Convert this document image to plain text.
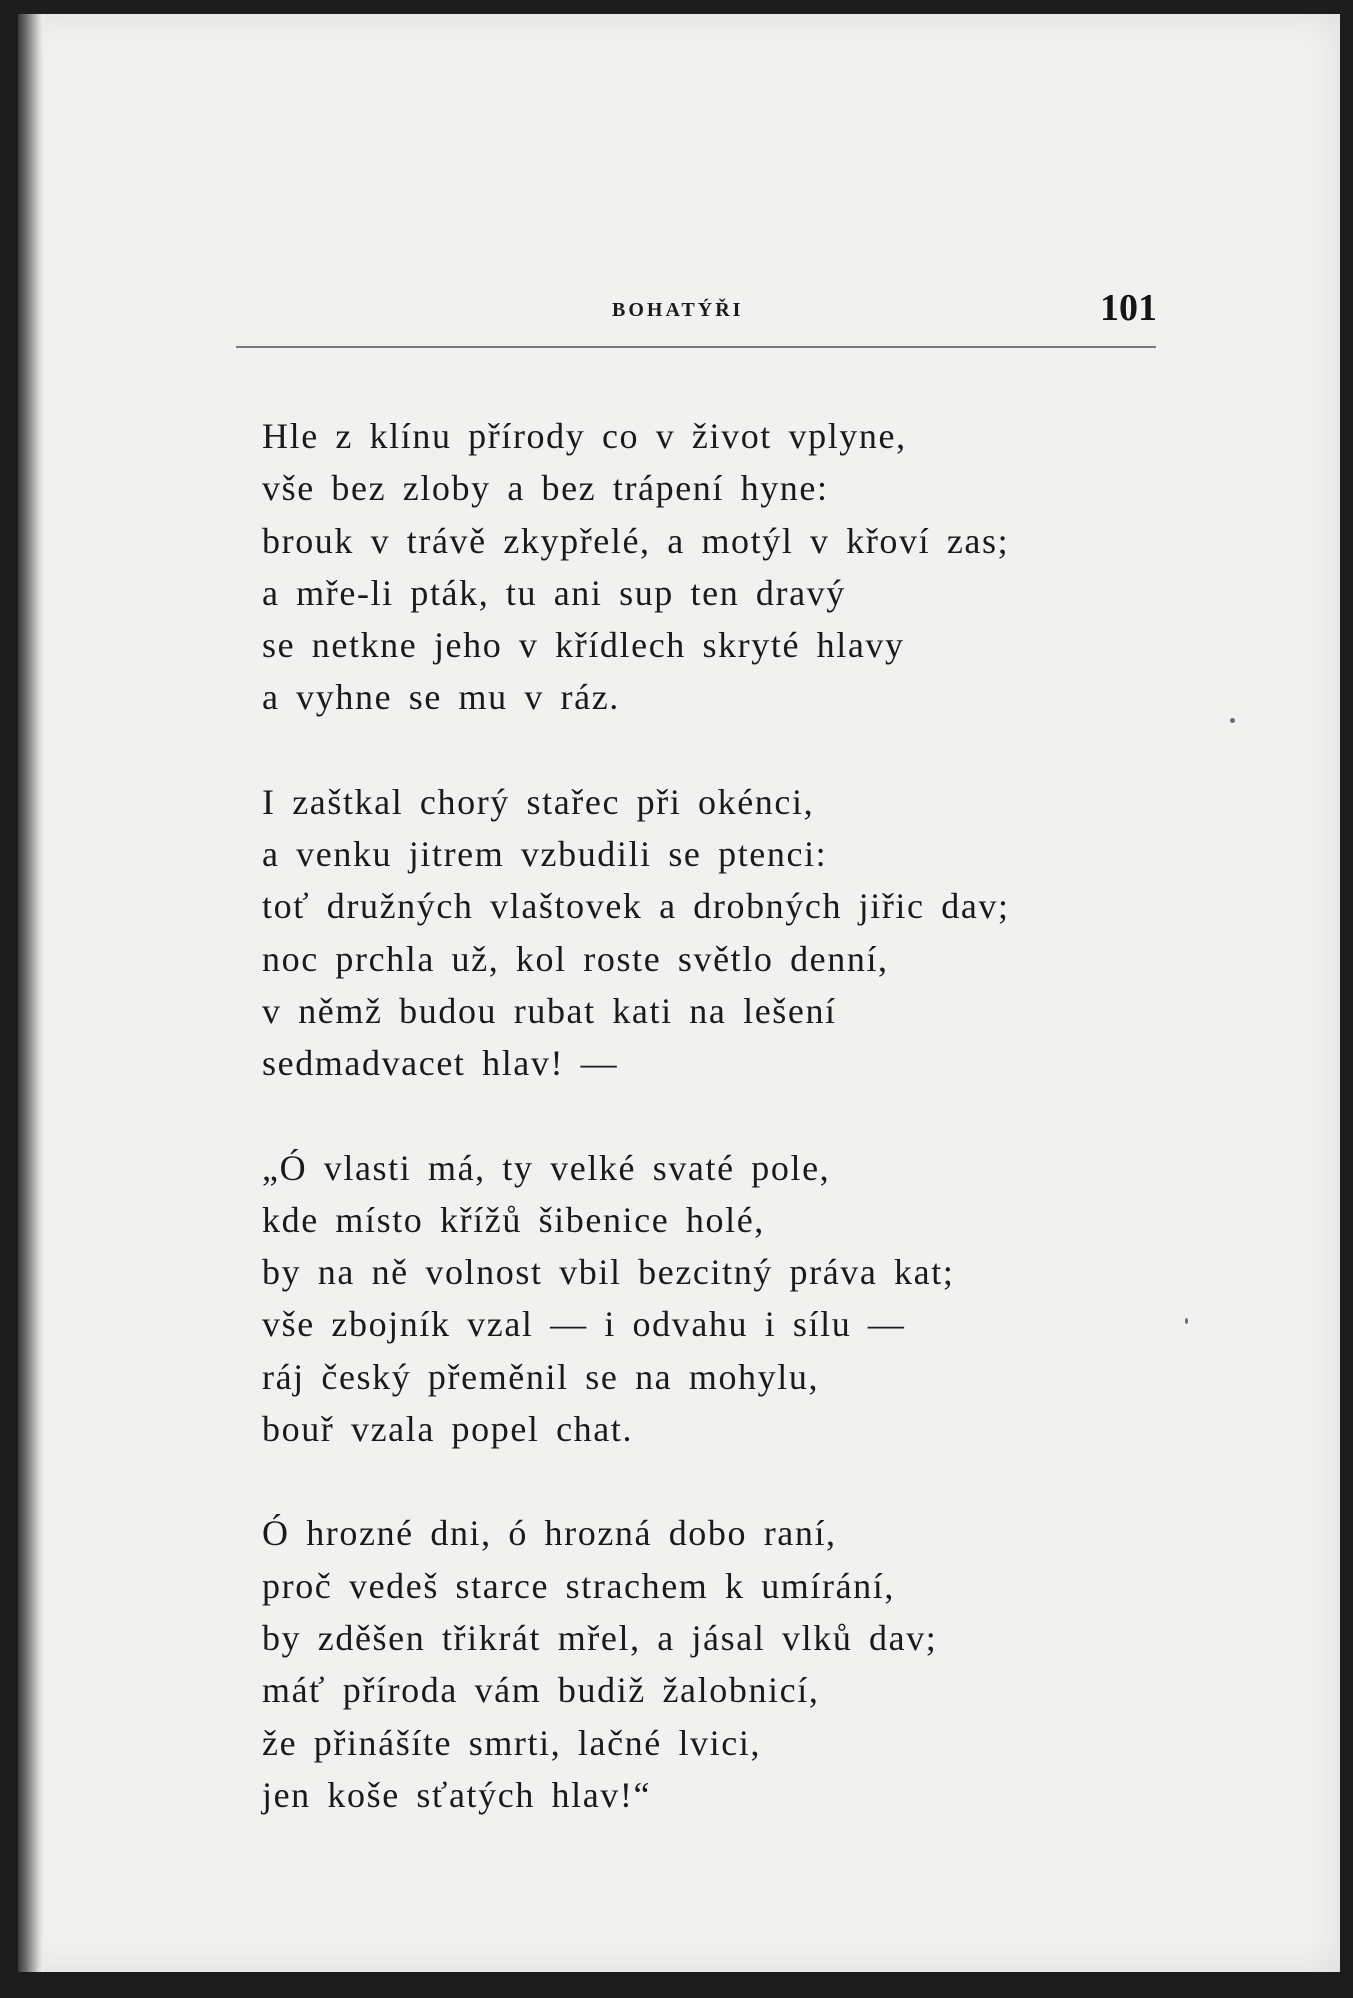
BOHATÝŘI	101
Hle z klínu přírody co v život vplyne,
vše bez zloby a bez trápení hyne:
brouk v trávě zkypřelé, a motýl v křoví zas;
a mře-li pták, tu ani sup ten dravý
se netkne jeho v křídlech skryté hlavy
a vyhne se mu v ráz.
I zaštkal chorý stařec při okénci,
a venku jitrem vzbudili se ptenci:
toť družných vlaštovek a drobných jiřic dav;
noc prchla už, kol roste světlo denní,
v němž budou rubat kati na lešení
sedmadvacet hlav! —
„Ó vlasti má, ty velké svaté pole,
kde místo křížů šibenice holé,
by na ně volnost vbil bezcitný práva kat;
vše zbojník vzal — i odvahu i sílu —
ráj český přeměnil se na mohylu,
bouř vzala popel chat.
Ó hrozné dni, ó hrozná dobo raní,
proč vedeš starce strachem k umírání,
by zděšen třikrát mřel, a jásal vlků dav;
máť příroda vám budiž žalobnicí,
že přinášíte smrti, lačné lvici,
jen koše sťatých hlav!“
